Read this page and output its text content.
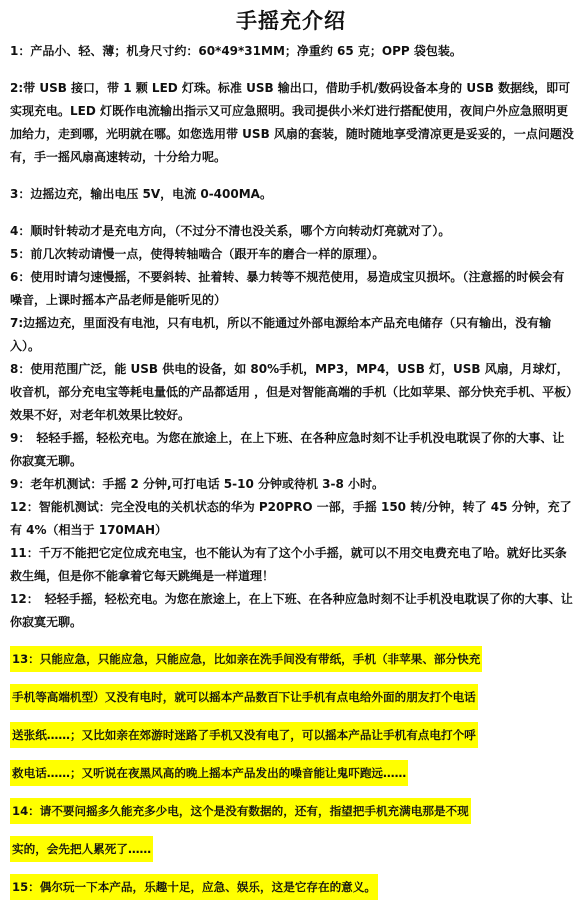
手摇充介绍

1：产品小、轻、薄；机身尺寸约：60*49*31MM；净重约 65 克；OPP 袋包装。

2:带 USB 接口，带 1 颗 LED 灯珠。标准 USB 输出口，借助手机/数码设备本身的 USB 数据线，即可实现充电。LED 灯既作电流输出指示又可应急照明。我司提供小米灯进行搭配使用，夜间户外应急照明更加给力，走到哪，光明就在哪。如您选用带 USB 风扇的套装，随时随地享受清凉更是妥妥的，一点问题没有，手一摇风扇高速转动，十分给力呢。

3：边摇边充，输出电压 5V，电流 0-400MA。

4：顺时针转动才是充电方向，（不过分不清也没关系，哪个方向转动灯亮就对了）。

5：前几次转动请慢一点，使得转轴啮合（跟开车的磨合一样的原理）。

6：使用时请匀速慢摇，不要斜转、扯着转、暴力转等不规范使用，易造成宝贝损坏。（注意摇的时候会有噪音，上课时摇本产品老师是能听见的）

7:边摇边充，里面没有电池，只有电机，所以不能通过外部电源给本产品充电储存（只有输出，没有输入）。

8：使用范围广泛，能 USB 供电的设备，如 80%手机，MP3，MP4，USB 灯，USB 风扇，月球灯，收音机，部分充电宝等耗电量低的产品都适用 ，但是对智能高端的手机（比如苹果、部分快充手机、平板）效果不好，对老年机效果比较好。

9：　轻轻手摇，轻松充电。为您在旅途上，在上下班、在各种应急时刻不让手机没电耽误了你的大事、让你寂寞无聊。

9：老年机测试：手摇 2 分钟,可打电话 5-10 分钟或待机 3-8 小时。

12：智能机测试：完全没电的关机状态的华为 P20PRO 一部，手摇 150 转/分钟，转了 45 分钟，充了有 4%（相当于 170MAH）

11：千万不能把它定位成充电宝，也不能认为有了这个小手摇，就可以不用交电费充电了哈。就好比买条救生绳，但是你不能拿着它每天跳绳是一样道理！

12：　轻轻手摇，轻松充电。为您在旅途上，在上下班、在各种应急时刻不让手机没电耽误了你的大事、让你寂寞无聊。

13：只能应急，只能应急，只能应急，比如亲在洗手间没有带纸，手机（非苹果、部分快充
手机等高端机型）又没有电时，就可以摇本产品数百下让手机有点电给外面的朋友打个电话
送张纸……；又比如亲在郊游时迷路了手机又没有电了，可以摇本产品让手机有点电打个呼
救电话……；又听说在夜黑风高的晚上摇本产品发出的噪音能让鬼吓跑远……
14：请不要问摇多久能充多少电，这个是没有数据的，还有，指望把手机充满电那是不现
实的，会先把人累死了……
15：偶尔玩一下本产品，乐趣十足，应急、娱乐，这是它存在的意义。
